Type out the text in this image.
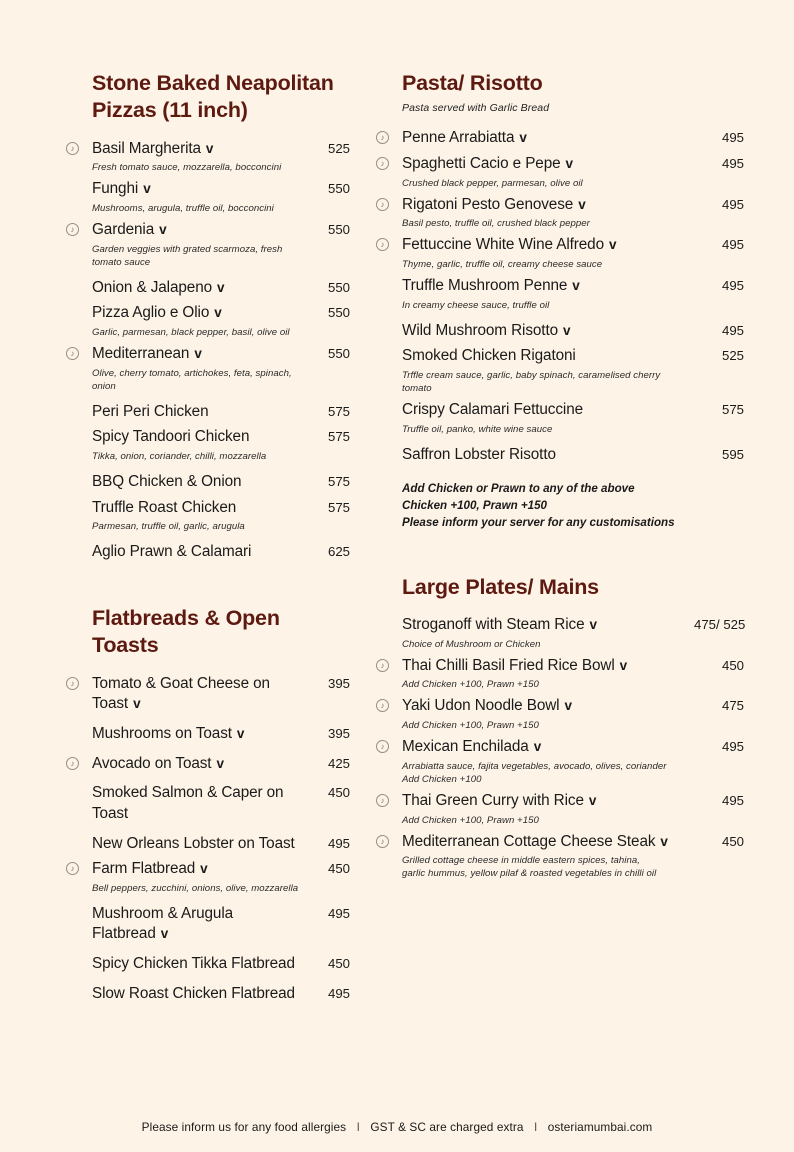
Stone Baked Neapolitan Pizzas (11 inch)
♪ Basil Margherita v
Fresh tomato sauce, mozzarella, bocconcini
525
Funghi v
Mushrooms, arugula, truffle oil, bocconcini
550
♪ Gardenia v
Garden veggies with grated scarmoza, fresh tomato sauce
550
Onion & Jalapeno v	550
Pizza Aglio e Olio v
Garlic, parmesan, black pepper, basil, olive oil
550
♪ Mediterranean v
Olive, cherry tomato, artichokes, feta, spinach, onion
550
Peri Peri Chicken	575
Spicy Tandoori Chicken
Tikka, onion, coriander, chilli, mozzarella
575
BBQ Chicken & Onion	575
Truffle Roast Chicken
Parmesan, truffle oil, garlic, arugula
575
Aglio Prawn & Calamari	625
Flatbreads & Open Toasts
♪ Tomato & Goat Cheese on Toast v
395
Mushrooms on Toast v	395
♪ Avocado on Toast v	425
Smoked Salmon & Caper on Toast
450
New Orleans Lobster on Toast	495
♪ Farm Flatbread v
Bell peppers, zucchini, onions, olive, mozzarella
450
Mushroom & Arugula Flatbread v
495
Spicy Chicken Tikka Flatbread	450
Slow Roast Chicken Flatbread	495
Pasta/ Risotto
Pasta served with Garlic Bread
♪ Penne Arrabiatta v	495
♪ Spaghetti Cacio e Pepe v
Crushed black pepper, parmesan, olive oil
495
♪ Rigatoni Pesto Genovese v
Basil pesto, truffle oil, crushed black pepper
495
♪ Fettuccine White Wine Alfredo v
Thyme, garlic, truffle oil, creamy cheese sauce
495
Truffle Mushroom Penne v
In creamy cheese sauce, truffle oil
495
Wild Mushroom Risotto v	495
Smoked Chicken Rigatoni
Trffle cream sauce, garlic, baby spinach, caramelised cherry tomato
525
Crispy Calamari Fettuccine
Truffle oil, panko, white wine sauce
575
Saffron Lobster Risotto	595
Add Chicken or Prawn to any of the above
Chicken +100, Prawn +150
Please inform your server for any customisations
Large Plates/ Mains
Stroganoff with Steam Rice v
Choice of Mushroom or Chicken
475/ 525
♪ Thai Chilli Basil Fried Rice Bowl v
Add Chicken +100, Prawn +150
450
♪ Yaki Udon Noodle Bowl v
Add Chicken +100, Prawn +150
475
♪ Mexican Enchilada v
Arrabiatta sauce, fajita vegetables, avocado, olives, coriander
Add Chicken +100
495
♪ Thai Green Curry with Rice v
Add Chicken +100, Prawn +150
495
♪ Mediterranean Cottage Cheese Steak v
Grilled cottage cheese in middle eastern spices, tahina,
garlic hummus, yellow pilaf & roasted vegetables in chilli oil
450
Please inform us for any food allergies I GST & SC are charged extra I osteriamumbai.com
